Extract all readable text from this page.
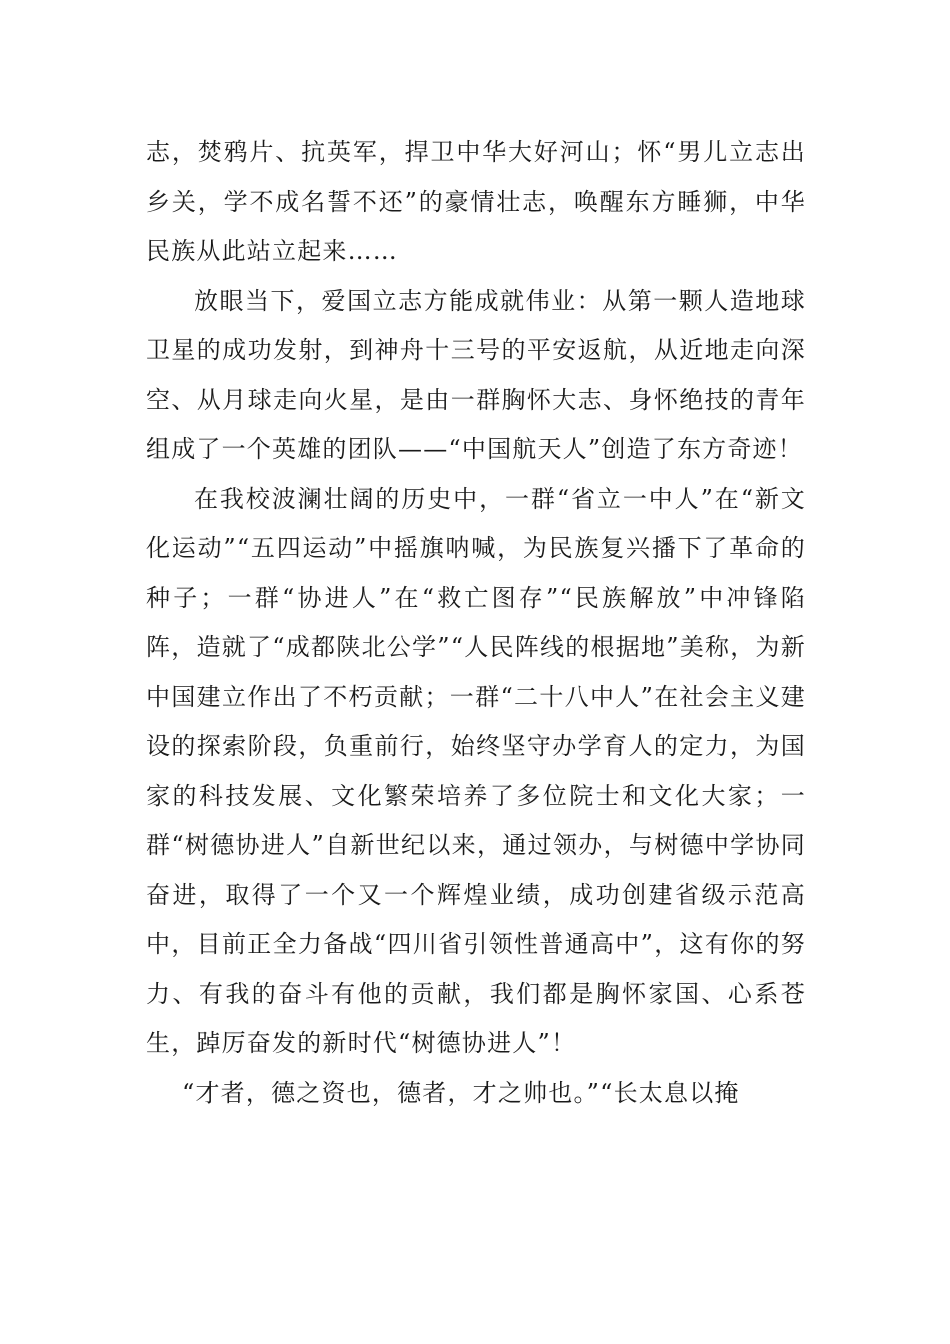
志，焚鸦片、抗英军，捍卫中华大好河山；怀“男儿立志出乡关，学不成名誓不还”的豪情壮志，唤醒东方睡狮，中华民族从此站立起来……

放眼当下，爱国立志方能成就伟业：从第一颗人造地球卫星的成功发射，到神舟十三号的平安返航，从近地走向深空、从月球走向火星，是由一群胸怀大志、身怀绝技的青年组成了一个英雄的团队——“中国航天人”创造了东方奇迹！

在我校波澜壮阔的历史中，一群“省立一中人”在“新文化运动”“五四运动”中摇旗呐喊，为民族复兴播下了革命的种子；一群“协进人”在“救亡图存”“民族解放”中冲锋陷阵，造就了“成都陕北公学”“人民阵线的根据地”美称，为新中国建立作出了不朽贡献；一群“二十八中人”在社会主义建设的探索阶段，负重前行，始终坚守办学育人的定力，为国家的科技发展、文化繁荣培养了多位院士和文化大家；一群“树德协进人”自新世纪以来，通过领办，与树德中学协同奋进，取得了一个又一个辉煌业绩，成功创建省级示范高中，目前正全力备战“四川省引领性普通高中”，这有你的努力、有我的奋斗有他的贡献，我们都是胸怀家国、心系苍生，踔厉奋发的新时代“树德协进人”！

“才者，德之资也，德者，才之帅也。”“长太息以掩
